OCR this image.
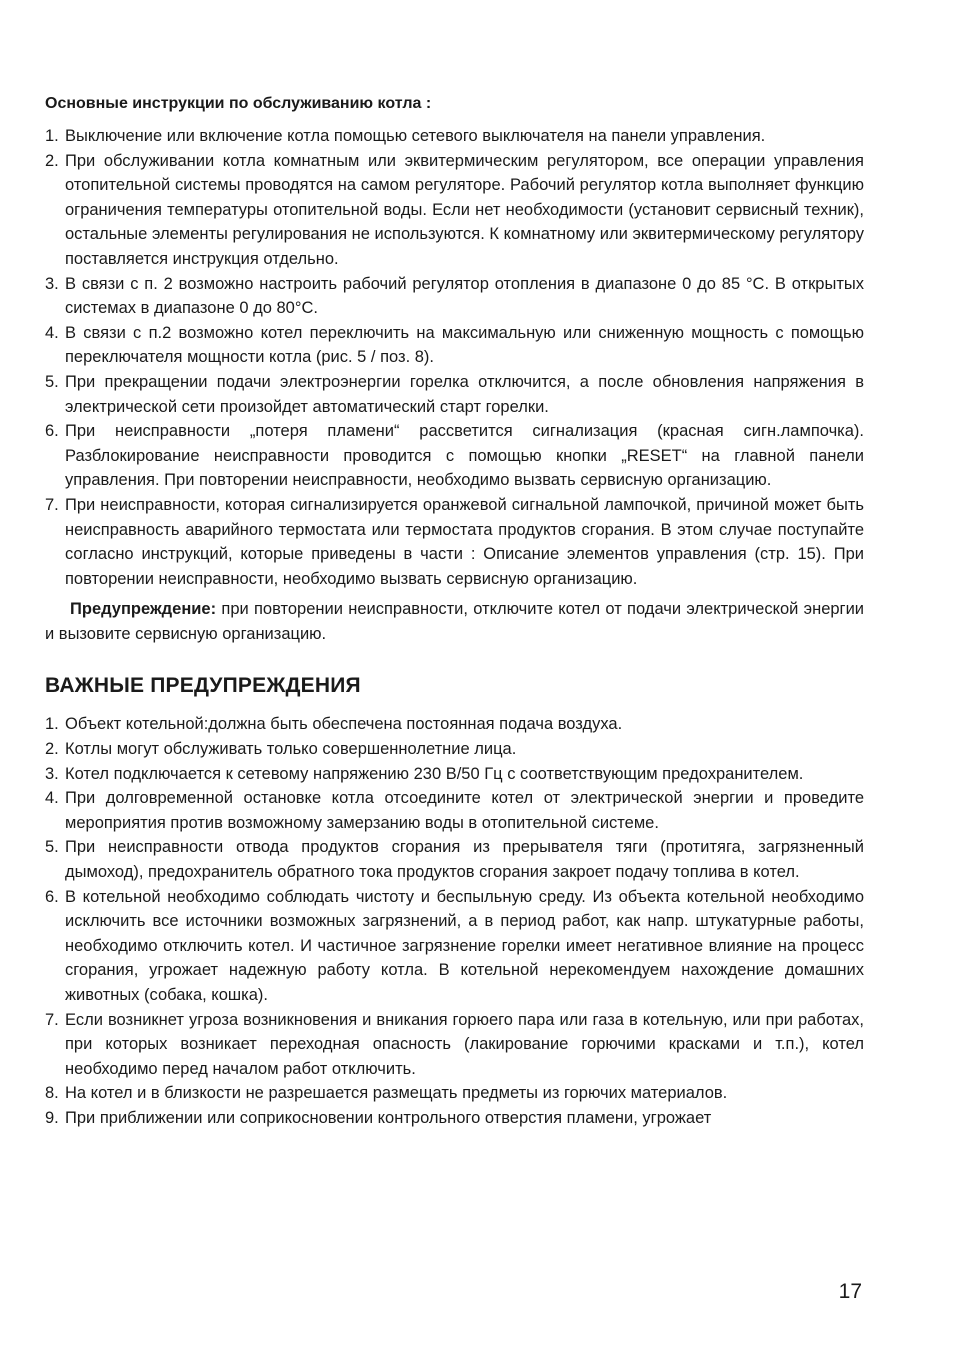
Основные инструкции по обслуживанию котла :
1. Выключение или включение котла помощью сетевого выключателя на панели управления.
2. При обслуживании котла комнатным или эквитермическим регулятором, все операции управления отопительной системы проводятся на самом регуляторе. Рабочий регулятор котла выполняет функцию ограничения температуры отопительной воды. Если нет необходимости (установит сервисный техник), остальные элементы регулирования не используются. К комнатному или эквитермическому регулятору поставляется инструкция отдельно.
3. В связи с п. 2 возможно настроить рабочий регулятор отопления в диапазоне 0 до 85 °C. В открытых системах в диапазоне 0 до 80°C.
4. В связи с п.2 возможно котел переключить на максимальную или сниженную мощность с помощью переключателя мощности котла (рис. 5 / поз. 8).
5. При прекращении подачи электроэнергии горелка отключится, а после обновления напряжения в электрической сети произойдет автоматический старт горелки.
6. При неисправности „потеря пламени“ рассветится сигнализация (красная сигн.лампочка). Разблокирование неисправности проводится с помощью кнопки „RESET“ на главной панели управления. При повторении неисправности, необходимо вызвать сервисную организацию.
7. При неисправности, которая сигнализируется оранжевой сигнальной лампочкой, причиной может быть неисправность аварийного термостата или термостата продуктов сгорания. В этом случае поступайте согласно инструкций, которые приведены в части : Описание элементов управления (стр. 15). При повторении неисправности, необходимо вызвать сервисную организацию.

Предупреждение: при повторении неисправности, отключите котел от подачи электрической энергии и вызовите сервисную организацию.

ВАЖНЫЕ ПРЕДУПРЕЖДЕНИЯ
1. Объект котельной:должна быть обеспечена постоянная подача воздуха.
2. Котлы могут обслуживать только совершеннолетние лица.
3. Котел подключается к сетевому напряжению 230 В/50 Гц с соответствующим предохранителем.
4. При долговременной остановке котла отсоедините котел от электрической энергии и проведите мероприятия против возможному замерзанию воды в отопительной системе.
5. При неисправности отвода продуктов сгорания из прерывателя тяги (протитяга, загрязненный дымоход), предохранитель обратного тока продуктов сгорания закроет подачу топлива в котел.
6. В котельной необходимо соблюдать чистоту и беспыльную среду. Из объекта котельной необходимо исключить все источники возможных загрязнений, а в период работ, как напр. штукатурные работы, необходимо отключить котел. И частичное загрязнение горелки имеет негативное влияние на процесс сгорания, угрожает надежную работу котла. В котельной нерекомендуем нахождение домашних животных (собака, кошка).
7. Если возникнет угроза возникновения и вникания горюего пара или газа в котельную, или при работах, при которых возникает переходная опасность (лакирование горючими красками и т.п.), котел необходимо перед началом работ отключить.
8. На котел и в близкости не разрешается размещать предметы из горючих материалов.
9. При приближении или соприкосновении контрольного отверстия пламени, угрожает
17
